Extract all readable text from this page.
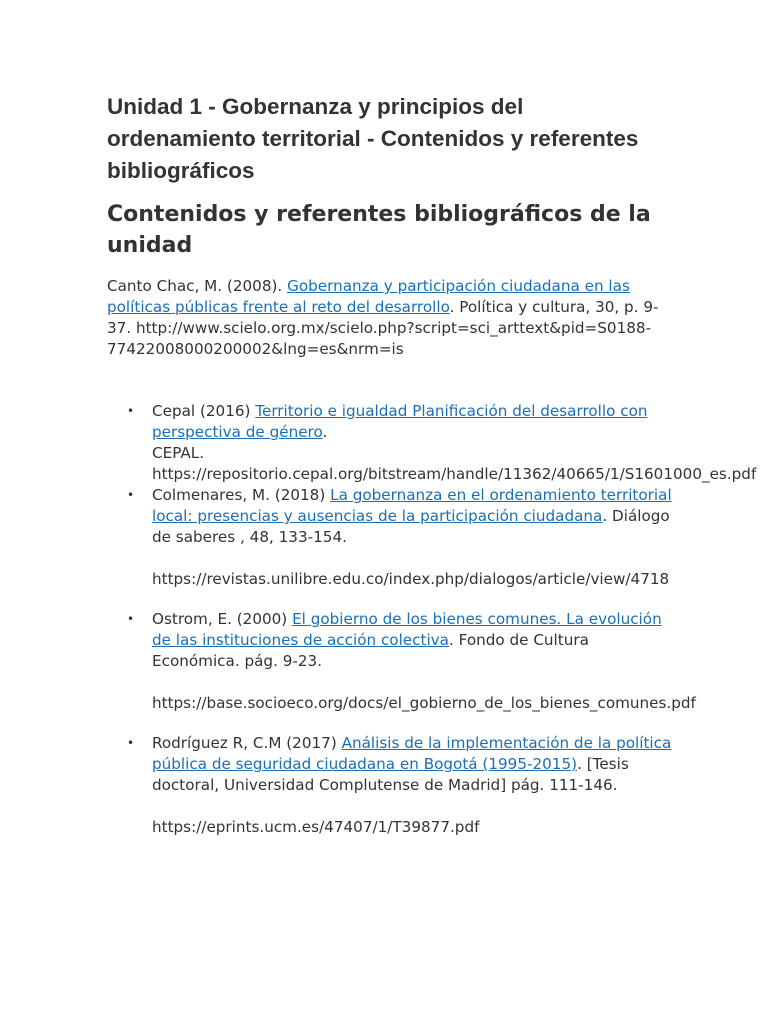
Unidad 1 - Gobernanza y principios del ordenamiento territorial - Contenidos y referentes bibliográficos
Contenidos y referentes bibliográficos de la unidad

Canto Chac, M. (2008). Gobernanza y participación ciudadana en las políticas públicas frente al reto del desarrollo. Política y cultura, 30, p. 9-37. http://www.scielo.org.mx/scielo.php?script=sci_arttext&pid=S0188-77422008000200002&lng=es&nrm=is

• Cepal (2016) Territorio e igualdad Planificación del desarrollo con perspectiva de género.
CEPAL. https://repositorio.cepal.org/bitstream/handle/11362/40665/1/S1601000_es.pdf
• Colmenares, M. (2018) La gobernanza en el ordenamiento territorial local: presencias y ausencias de la participación ciudadana. Diálogo de saberes , 48, 133-154.
https://revistas.unilibre.edu.co/index.php/dialogos/article/view/4718
• Ostrom, E. (2000) El gobierno de los bienes comunes. La evolución de las instituciones de acción colectiva. Fondo de Cultura Económica. pág. 9-23.
https://base.socioeco.org/docs/el_gobierno_de_los_bienes_comunes.pdf
• Rodríguez R, C.M (2017) Análisis de la implementación de la política pública de seguridad ciudadana en Bogotá (1995-2015). [Tesis doctoral, Universidad Complutense de Madrid] pág. 111-146.
https://eprints.ucm.es/47407/1/T39877.pdf
